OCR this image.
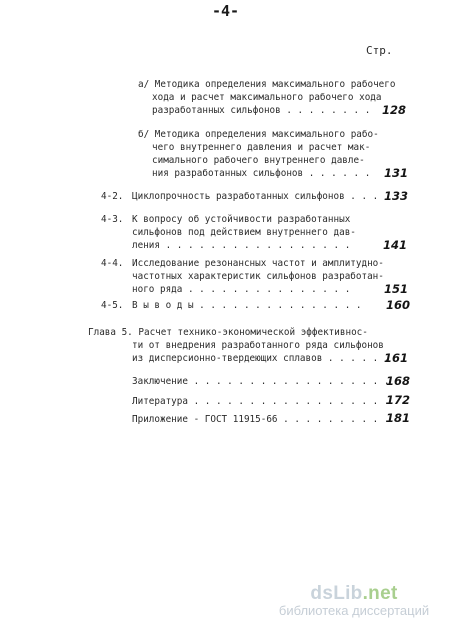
-4-
Стр.
а/ Методика определения максимального рабочего
хода и расчет максимального рабочего хода
разработанных сильфонов . . . . . . . . 128
б/ Методика определения максимального рабо-
чего внутреннего давления и расчет мак-
симального рабочего внутреннего давле-
ния разработанных сильфонов . . . . . . 131
4-2. Циклопрочность разработанных сильфонов . . . 133
4-3. К вопросу об устойчивости разработанных
сильфонов под действием внутреннего дав-
ления . . . . . . . . . . . . . . . . .	141
4-4. Исследование резонансных частот и амплитудно-
частотных характеристик сильфонов разработан-
ного ряда . . . . . . . . . . . . . . .	151
4-5. В ы в о д ы . . . . . . . . . . . . . . . 160
Глава 5. Расчет технико-экономической эффективнос-
ти от внедрения разработанного ряда сильфонов
из дисперсионно-твердеющих сплавов . . . . . .
161
Заключение . . . . . . . . . . . . . . . . . .
168
Литература . . . . . . . . . . . . . . . . . .
172
Приложение - ГОСТ 11915-66 . . . . . . . . . .
181
dsLib.net
библиотека диссертаций
